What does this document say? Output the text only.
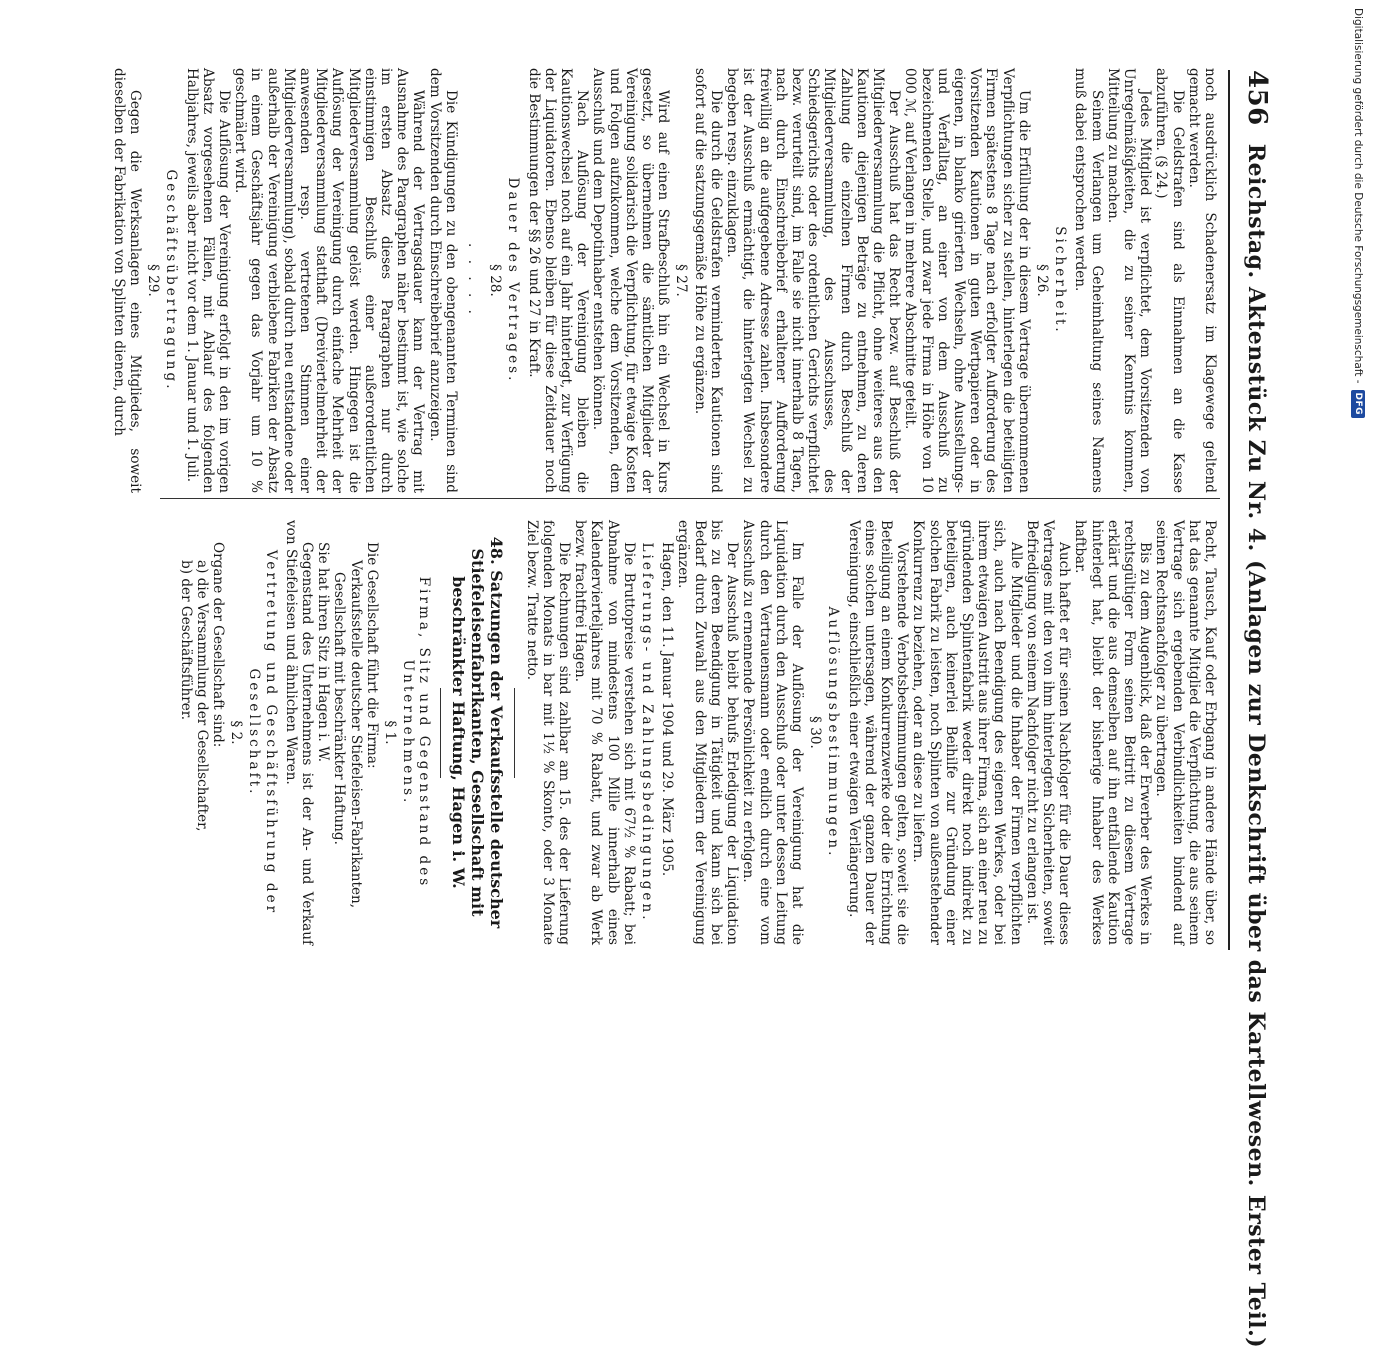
456
Reichstag. Aktenstück Zu Nr. 4. (Anlagen zur Denkschrift über das Kartellwesen. Erster Teil.)

noch ausdrücklich Schadenersatz im Klagewege geltend gemacht werden.

Die Geldstrafen sind als Einnahmen an die Kasse abzuführen. (§ 24.)

Jedes Mitglied ist verpflichtet, dem Vorsitzenden von Unregelmäßigkeiten, die zu seiner Kenntnis kommen, Mitteilung zu machen.

Seinem Verlangen um Geheimhaltung seines Namens muß dabei entsprochen werden.

Sicherheit.
§ 26.

Um die Erfüllung der in diesem Vertrage übernommenen Verpflichtungen sicher zu stellen, hinterlegen die beteiligten Firmen spätestens 8 Tage nach erfolgter Aufforderung des Vorsitzenden Kautionen in guten Wertpapieren oder in eigenen, in blanko girierten Wechseln, ohne Ausstellungs- und Verfalltag, an einer von dem Ausschuß zu bezeichnenden Stelle, und zwar jede Firma in Höhe von 10 000 ℳ, auf Verlangen in mehrere Abschnitte geteilt.

Der Ausschuß hat das Recht bezw. auf Beschluß der Mitgliederversammlung die Pflicht, ohne weiteres aus den Kautionen diejenigen Beträge zu entnehmen, zu deren Zahlung die einzelnen Firmen durch Beschluß der Mitgliederversammlung, des Ausschusses, des Schiedsgerichts oder des ordentlichen Gerichts verpflichtet bezw. verurteilt sind, im Falle sie nicht innerhalb 8 Tagen, nach durch Einschreibebrief erhaltener Aufforderung freiwillig an die aufgegebene Adresse zahlen. Insbesondere ist der Ausschuß ermächtigt, die hinterlegten Wechsel zu begeben resp. einzuklagen.

Die durch die Geldstrafen verminderten Kautionen sind sofort auf die satzungsgemäße Höhe zu ergänzen.

§ 27.

Wird auf einen Strafbeschluß hin ein Wechsel in Kurs gesetzt, so übernehmen die sämtlichen Mitglieder der Vereinigung solidarisch die Verpflichtung, für etwaige Kosten und Folgen aufzukommen, welche dem Vorsitzenden, dem Ausschuß und dem Depotinhaber entstehen können.

Nach Auflösung der Vereinigung bleiben die Kautionswechsel noch auf ein Jahr hinterlegt, zur Verfügung der Liquidatoren. Ebenso bleiben für diese Zeitdauer noch die Bestimmungen der §§ 26 und 27 in Kraft.

Dauer des Vertrages.
§ 28.
. . . . .

Die Kündigungen zu den obengenannten Terminen sind dem Vorsitzenden durch Einschreibebrief anzuzeigen.

Während der Vertragsdauer kann der Vertrag mit Ausnahme des Paragraphen näher bestimmt ist, wie solche im ersten Absatz dieses Paragraphen nur durch einstimmigen Beschluß einer außerordentlichen Mitgliederversammlung gelöst werden. Hingegen ist die Auflösung der Vereinigung durch einfache Mehrheit der Mitgliederversammlung statthaft (Dreiviertelmehrheit der anwesenden resp. vertretenen Stimmen einer Mitgliederversammlung), sobald durch neu entstandene oder außerhalb der Vereinigung verbliebene Fabriken der Absatz in einem Geschäftsjahr gegen das Vorjahr um 10 % geschmälert wird.

Die Auflösung der Vereinigung erfolgt in den im vorigen Absatz vorgesehenen Fällen, mit Ablauf des folgenden Halbjahres, jeweils aber nicht vor dem 1. Januar und 1. Juli.

Geschäftsübertragung.
§ 29.

Gegen die Werksanlagen eines Mitgliedes, soweit dieselben der Fabrikation von Splinten dienen, durch

Pacht, Tausch, Kauf oder Erbgang in andere Hände über, so hat das genannte Mitglied die Verpflichtung, die aus seinem Vertrage sich ergebenden Verbindlichkeiten bindend auf seinen Rechtsnachfolger zu übertragen.

Bis zu dem Augenblick, daß der Erwerber des Werkes in rechtsgültiger Form seinen Beitritt zu diesem Vertrage erklärt und die aus demselben auf ihn entfallende Kaution hinterlegt hat, bleibt der bisherige Inhaber des Werkes haftbar.

Auch haftet er für seinen Nachfolger für die Dauer dieses Vertrages mit den von ihm hinterlegten Sicherheiten, soweit Befriedigung von seinem Nachfolger nicht zu erlangen ist.

Alle Mitglieder und die Inhaber der Firmen verpflichten sich, auch nach Beendigung des eigenen Werkes, oder bei ihrem etwaigen Austritt aus ihrer Firma, sich an einer neu zu gründenden Splintenfabrik weder direkt noch indirekt zu beteiligen, auch keinerlei Beihilfe zur Gründung einer solchen Fabrik zu leisten, noch Splinten von außenstehender Konkurrenz zu beziehen, oder an diese zu liefern.

Vorstehende Verbotsbestimmungen gelten, soweit sie die Beteiligung an einem Konkurrenzwerke oder die Errichtung eines solchen untersagen, während der ganzen Dauer der Vereinigung, einschließlich einer etwaigen Verlängerung.

Auflösungsbestimmungen.
§ 30.

Im Falle der Auflösung der Vereinigung hat die Liquidation durch den Ausschuß oder unter dessen Leitung durch den Vertrauensmann oder endlich durch eine vom Ausschuß zu ernennende Persönlichkeit zu erfolgen.

Der Ausschuß bleibt behufs Erledigung der Liquidation bis zu deren Beendigung in Tätigkeit und kann sich bei Bedarf durch Zuwahl aus den Mitgliedern der Vereinigung ergänzen.

Hagen, den 11. Januar 1904 und 29. März 1905.

Lieferungs- und Zahlungsbedingungen.

Die Bruttopreise verstehen sich mit 67½ % Rabatt; bei Abnahme von mindestens 100 Mille innerhalb eines Kalendervierteljahres mit 70 % Rabatt, und zwar ab Werk bezw. frachtfrei Hagen.

Die Rechnungen sind zahlbar am 15. des der Lieferung folgenden Monats in bar mit 1½ % Skonto, oder 3 Monate Ziel bezw. Tratte netto.

48. Satzungen der Verkaufsstelle deutscher Stiefeleisenfabrikanten, Gesellschaft mit beschränkter Haftung, Hagen i. W.
Firma, Sitz und Gegenstand des Unternehmens.
§ 1.

Die Gesellschaft führt die Firma:

Verkaufsstelle deutscher Stiefeleisen-Fabrikanten,
Gesellschaft mit beschränkter Haftung.

Sie hat ihren Sitz in Hagen i. W.

Gegenstand des Unternehmens ist der An- und Verkauf von Stiefeleisen und ähnlichen Waren.

Vertretung und Geschäftsführung der Gesellschaft.
§ 2.

Organe der Gesellschaft sind:

a) die Versammlung der Gesellschafter,
b) der Geschäftsführer.
Digitalisierung gefördert durch die Deutsche Forschungsgemeinschaft -
DFG
